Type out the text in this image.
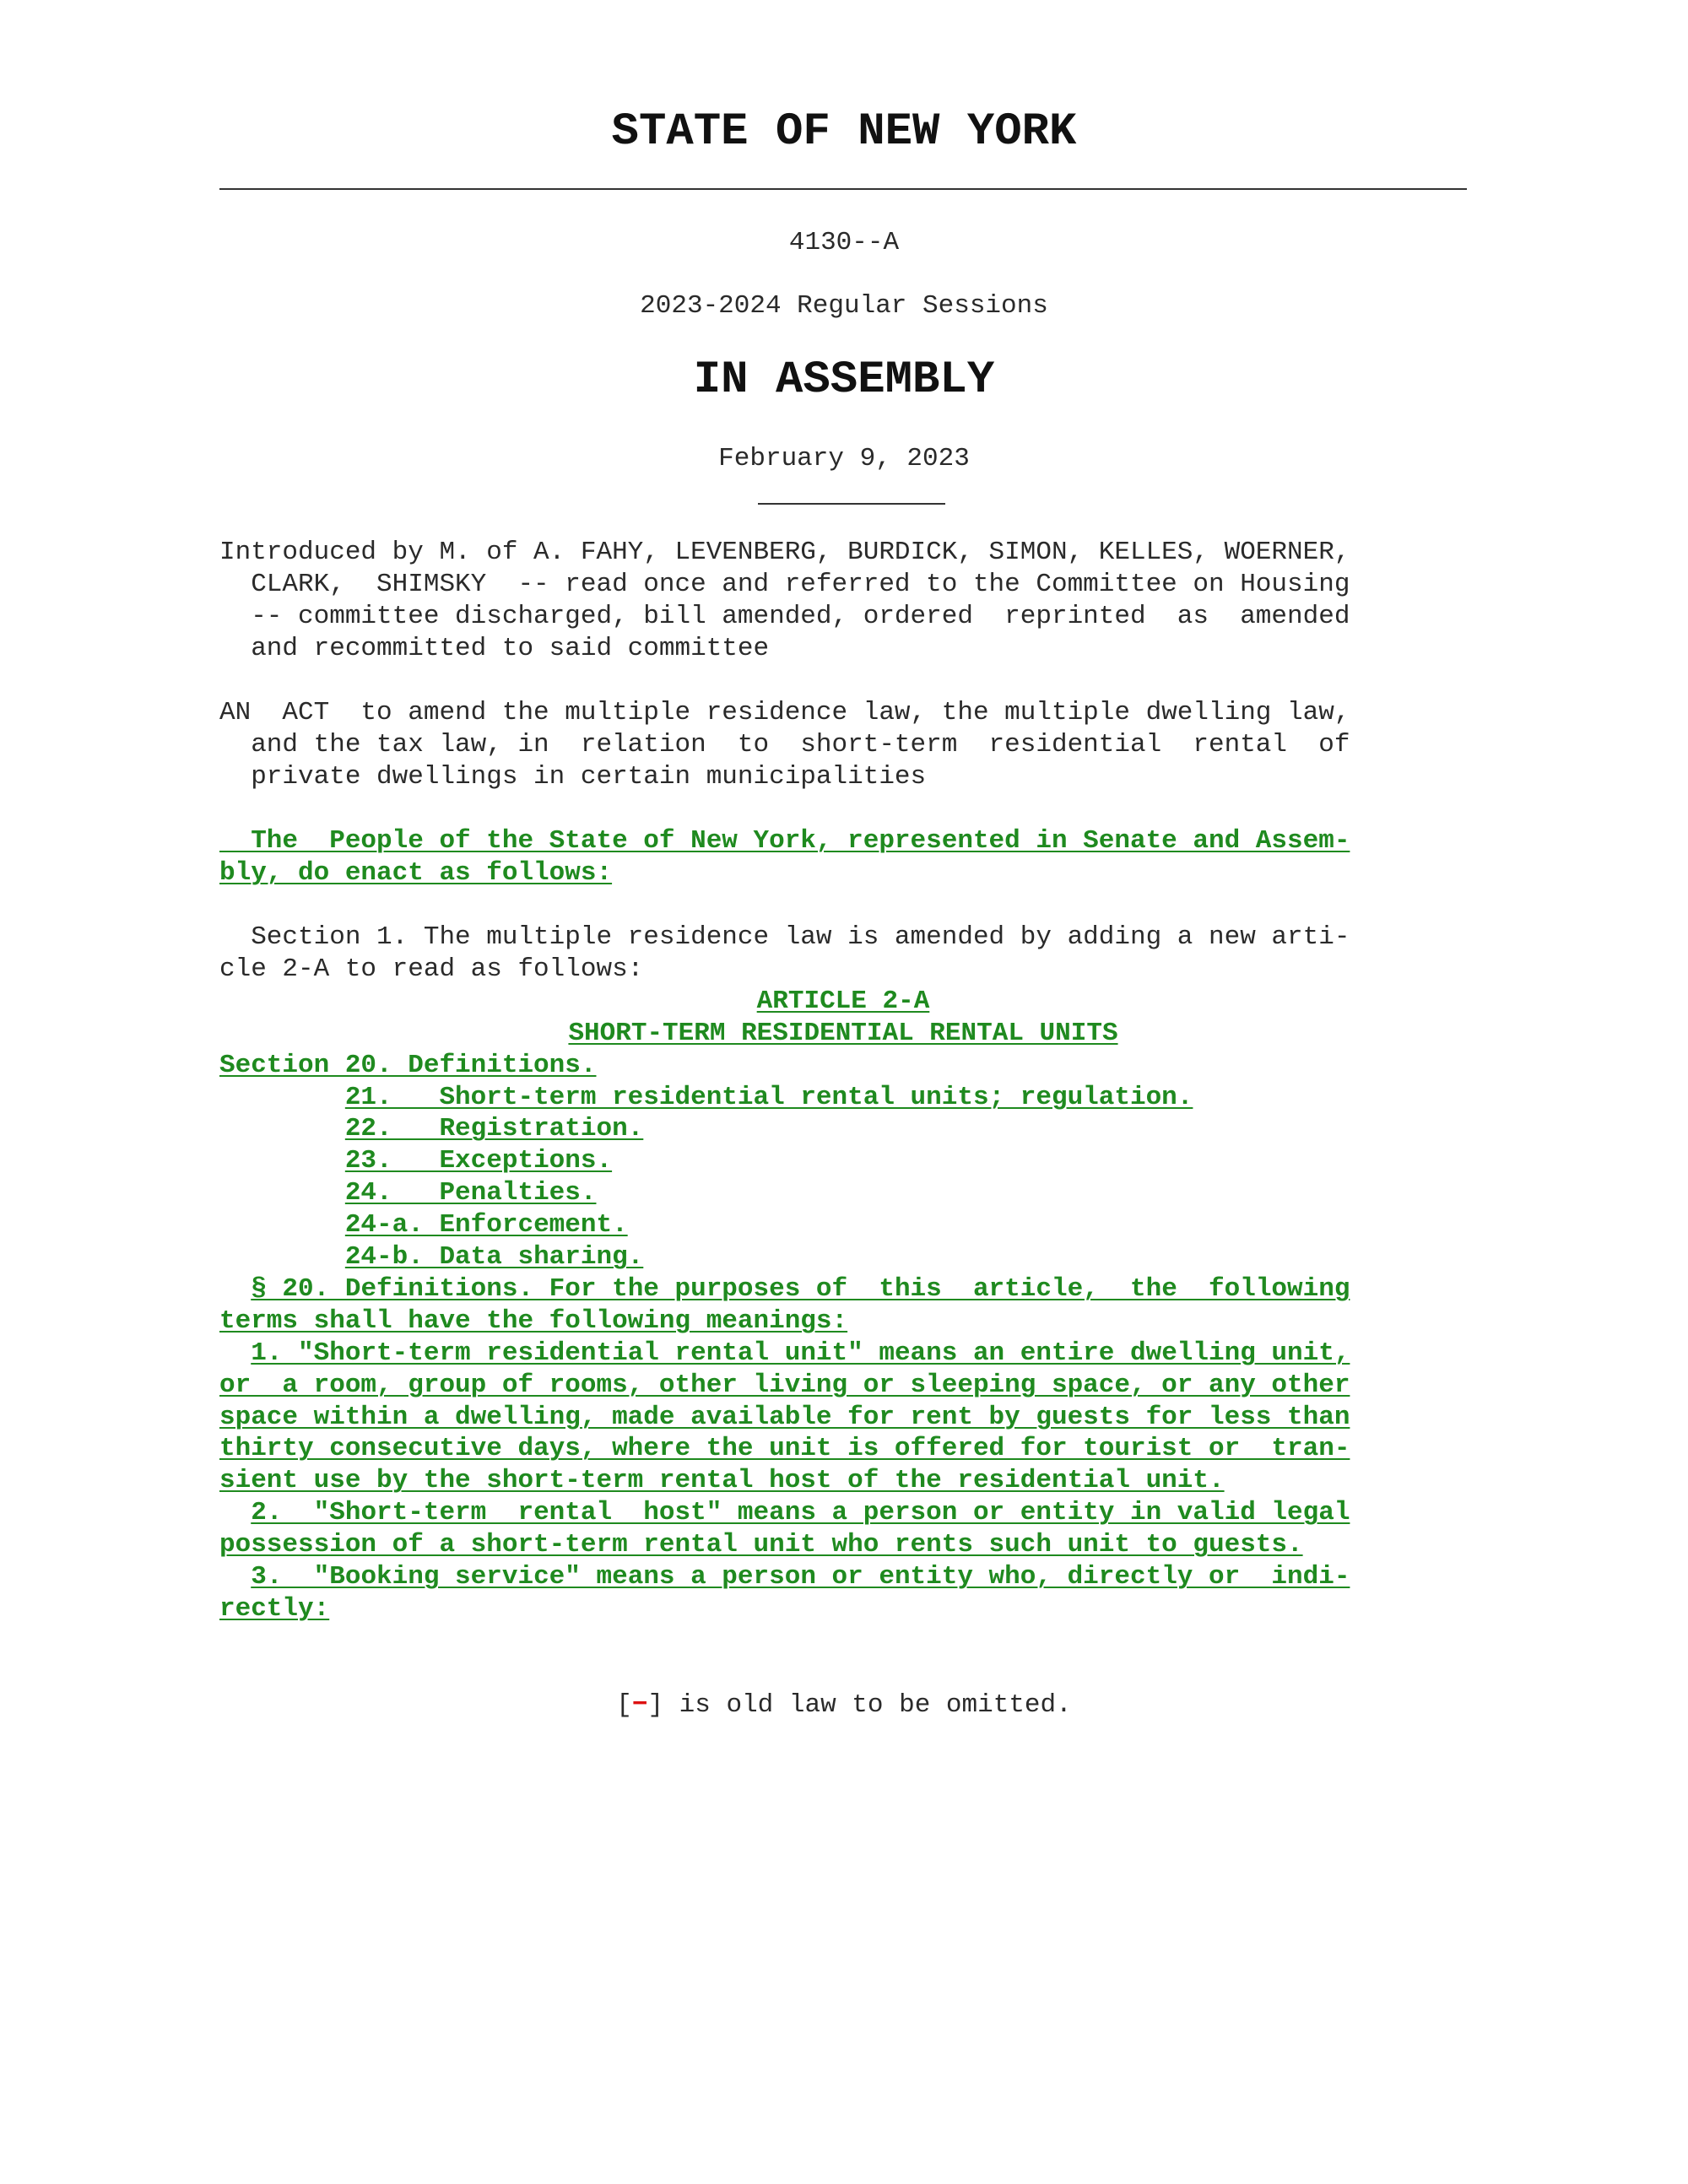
STATE OF NEW YORK
4130--A
2023-2024 Regular Sessions
IN ASSEMBLY
February 9, 2023
Introduced by M. of A. FAHY, LEVENBERG, BURDICK, SIMON, KELLES, WOERNER,
CLARK,  SHIMSKY  -- read once and referred to the Committee on Housing
-- committee discharged, bill amended, ordered  reprinted  as  amended
and recommitted to said committee
AN  ACT  to amend the multiple residence law, the multiple dwelling law,
and the tax law, in  relation  to  short-term  residential  rental  of
private dwellings in certain municipalities
The  People of the State of New York, represented in Senate and Assem-
bly, do enact as follows:
Section 1. The multiple residence law is amended by adding a new arti-
cle 2-A to read as follows:
ARTICLE 2-A
SHORT-TERM RESIDENTIAL RENTAL UNITS
Section 20. Definitions.
21.   Short-term residential rental units; regulation.
22.   Registration.
23.   Exceptions.
24.   Penalties.
24-a. Enforcement.
24-b. Data sharing.
§ 20. Definitions. For the purposes of  this  article,  the  following
terms shall have the following meanings:
1. "Short-term residential rental unit" means an entire dwelling unit,
or  a room, group of rooms, other living or sleeping space, or any other
space within a dwelling, made available for rent by guests for less than
thirty consecutive days, where the unit is offered for tourist or  tran-
sient use by the short-term rental host of the residential unit.
2.  "Short-term  rental  host" means a person or entity in valid legal
possession of a short-term rental unit who rents such unit to guests.
3.  "Booking service" means a person or entity who, directly or  indi-
rectly:

[−] is old law to be omitted.
